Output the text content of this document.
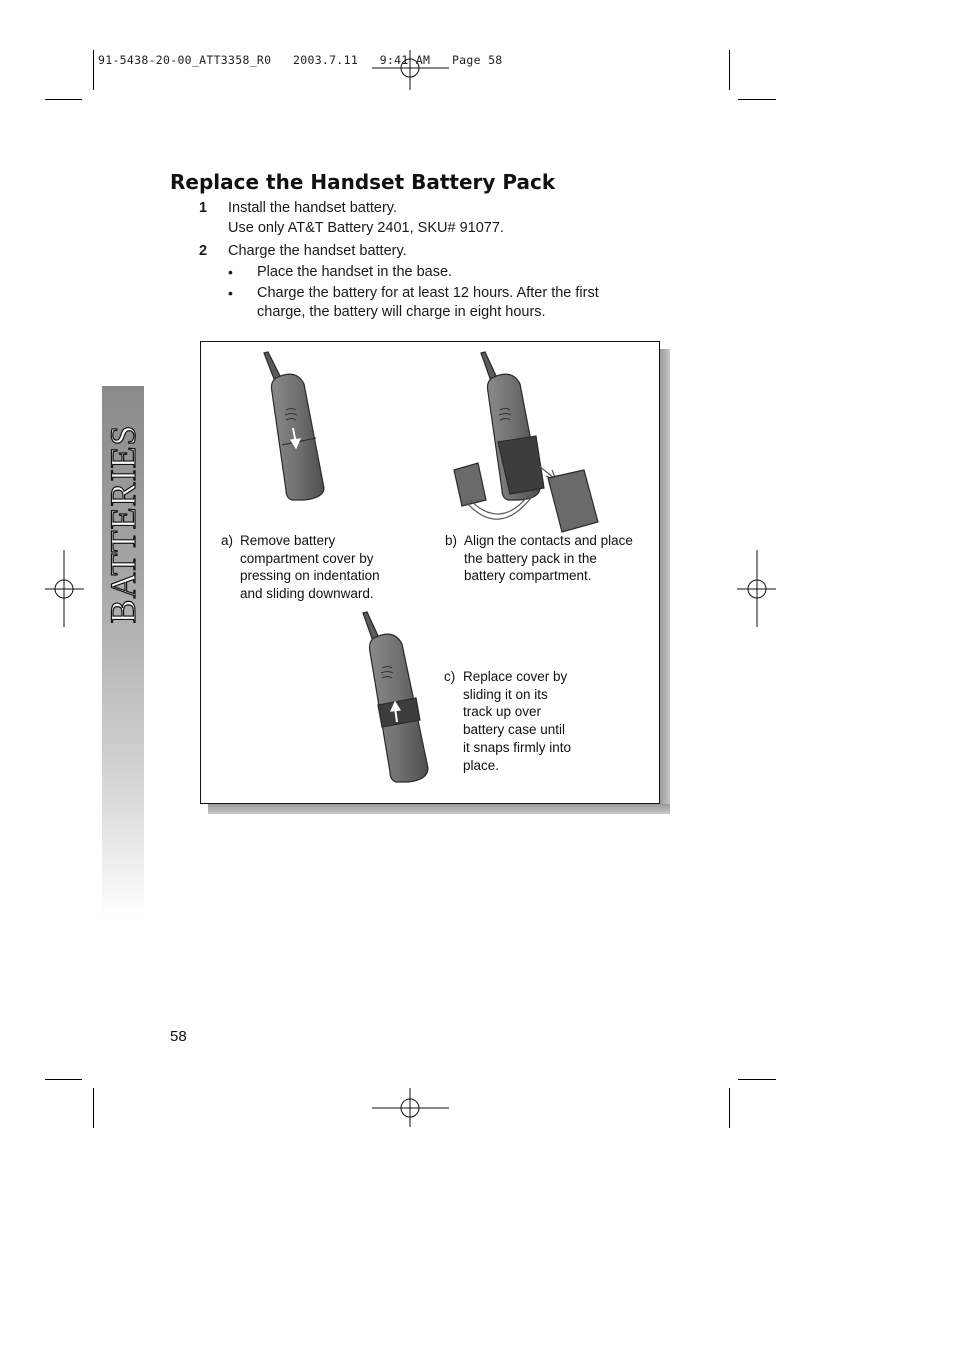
91-5438-20-00_ATT3358_R0   2003.7.11   9:41 AM   Page 58
BATTERIES
Replace the Handset Battery Pack
1 Install the handset battery.
Use only AT&T Battery 2401, SKU# 91077.
2 Charge the handset battery.
• Place the handset in the base.
• Charge the battery for at least 12 hours. After the first
charge, the battery will charge in eight hours.
a) Remove battery
compartment cover by
pressing on indentation
and sliding downward.
b) Align the contacts and place
the battery pack in the
battery compartment.
c) Replace cover by
sliding it on its
track up over
battery case until
it snaps firmly into
place.
58
